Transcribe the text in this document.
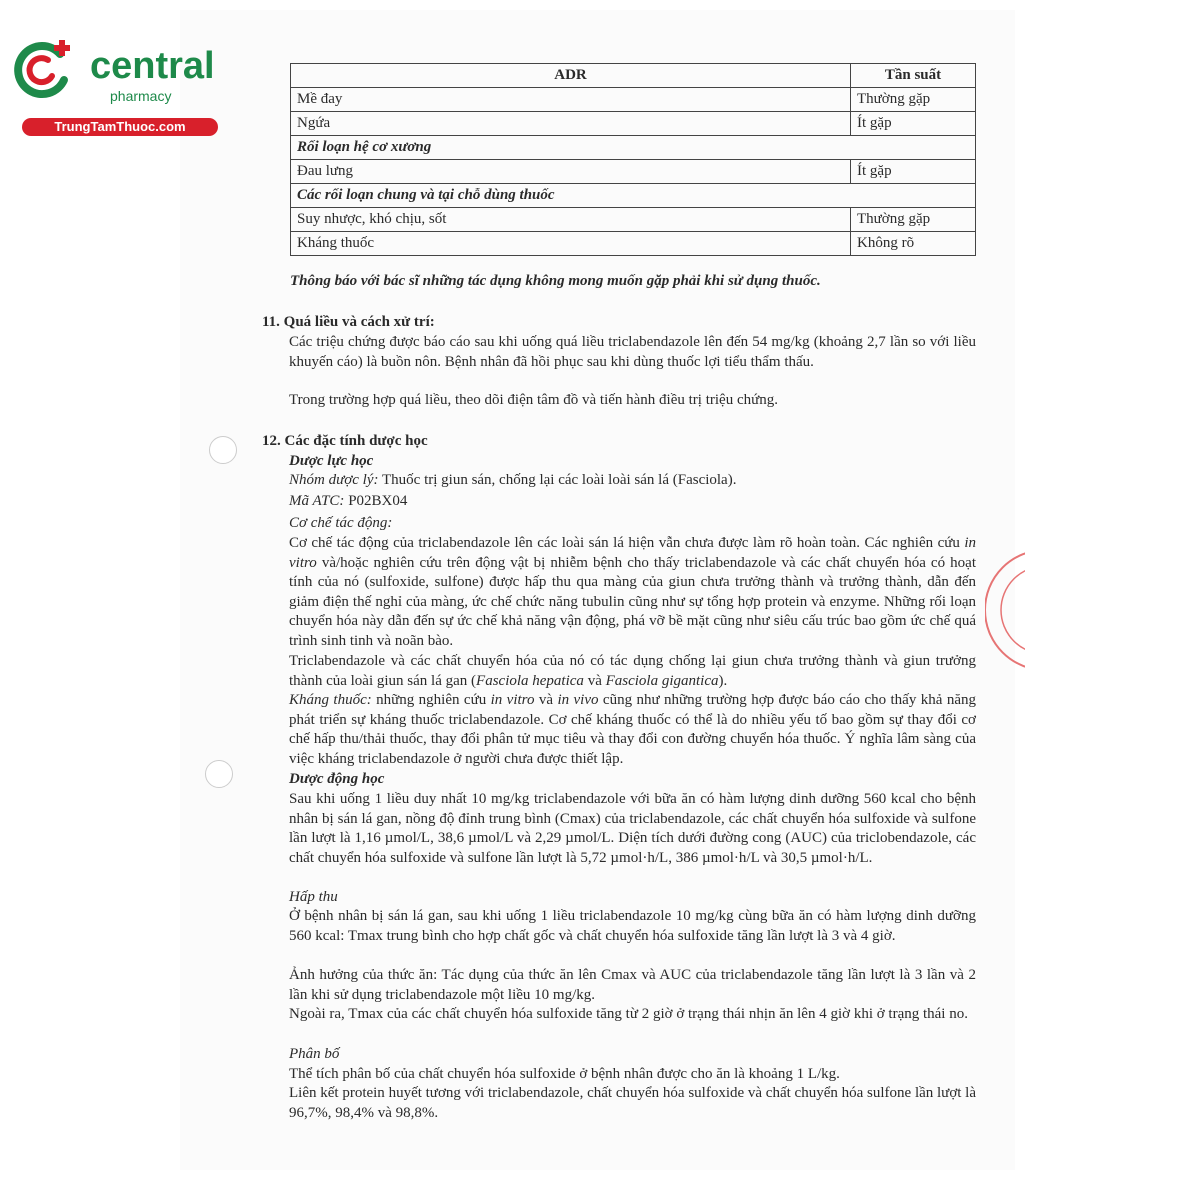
central
pharmacy
TrungTamThuoc.com
ADR	Tần suất
Mề đay	Thường gặp
Ngứa	Ít gặp
Rối loạn hệ cơ xương	
Đau lưng	Ít gặp
Các rối loạn chung và tại chỗ dùng thuốc	
Suy nhược, khó chịu, sốt	Thường gặp
Kháng thuốc	Không rõ
Thông báo với bác sĩ những tác dụng không mong muốn gặp phải khi sử dụng thuốc.
11. Quá liều và cách xử trí:
Các triệu chứng được báo cáo sau khi uống quá liều triclabendazole lên đến 54 mg/kg (khoảng 2,7 lần so với liều khuyến cáo) là buồn nôn. Bệnh nhân đã hồi phục sau khi dùng thuốc lợi tiểu thẩm thấu.
Trong trường hợp quá liều, theo dõi điện tâm đồ và tiến hành điều trị triệu chứng.
12. Các đặc tính dược học
Dược lực học
Nhóm dược lý: Thuốc trị giun sán, chống lại các loài loài sán lá (Fasciola).
Mã ATC: P02BX04
Cơ chế tác động:
Cơ chế tác động của triclabendazole lên các loài sán lá hiện vẫn chưa được làm rõ hoàn toàn. Các nghiên cứu in vitro và/hoặc nghiên cứu trên động vật bị nhiễm bệnh cho thấy triclabendazole và các chất chuyển hóa có hoạt tính của nó (sulfoxide, sulfone) được hấp thu qua màng của giun chưa trưởng thành và trưởng thành, dẫn đến giảm điện thế nghỉ của màng, ức chế chức năng tubulin cũng như sự tổng hợp protein và enzyme. Những rối loạn chuyển hóa này dẫn đến sự ức chế khả năng vận động, phá vỡ bề mặt cũng như siêu cấu trúc bao gồm ức chế quá trình sinh tinh và noãn bào.
Triclabendazole và các chất chuyển hóa của nó có tác dụng chống lại giun chưa trưởng thành và giun trưởng thành của loài giun sán lá gan (Fasciola hepatica và Fasciola gigantica).
Kháng thuốc: những nghiên cứu in vitro và in vivo cũng như những trường hợp được báo cáo cho thấy khả năng phát triển sự kháng thuốc triclabendazole. Cơ chế kháng thuốc có thể là do nhiều yếu tố bao gồm sự thay đổi cơ chế hấp thu/thải thuốc, thay đổi phân tử mục tiêu và thay đổi con đường chuyển hóa thuốc. Ý nghĩa lâm sàng của việc kháng triclabendazole ở người chưa được thiết lập.
Dược động học
Sau khi uống 1 liều duy nhất 10 mg/kg triclabendazole với bữa ăn có hàm lượng dinh dưỡng 560 kcal cho bệnh nhân bị sán lá gan, nồng độ đỉnh trung bình (Cmax) của triclabendazole, các chất chuyển hóa sulfoxide và sulfone lần lượt là 1,16 µmol/L, 38,6 µmol/L và 2,29 µmol/L. Diện tích dưới đường cong (AUC) của triclobendazole, các chất chuyển hóa sulfoxide và sulfone lần lượt là 5,72 µmol·h/L, 386 µmol·h/L và 30,5 µmol·h/L.
Hấp thu
Ở bệnh nhân bị sán lá gan, sau khi uống 1 liều triclabendazole 10 mg/kg cùng bữa ăn có hàm lượng dinh dưỡng 560 kcal: Tmax trung bình cho hợp chất gốc và chất chuyển hóa sulfoxide tăng lần lượt là 3 và 4 giờ.
Ảnh hưởng của thức ăn: Tác dụng của thức ăn lên Cmax và AUC của triclabendazole tăng lần lượt là 3 lần và 2 lần khi sử dụng triclabendazole một liều 10 mg/kg.
Ngoài ra, Tmax của các chất chuyển hóa sulfoxide tăng từ 2 giờ ở trạng thái nhịn ăn lên 4 giờ khi ở trạng thái no.
Phân bố
Thể tích phân bố của chất chuyển hóa sulfoxide ở bệnh nhân được cho ăn là khoảng 1 L/kg.
Liên kết protein huyết tương với triclabendazole, chất chuyển hóa sulfoxide và chất chuyển hóa sulfone lần lượt là 96,7%, 98,4% và 98,8%.
